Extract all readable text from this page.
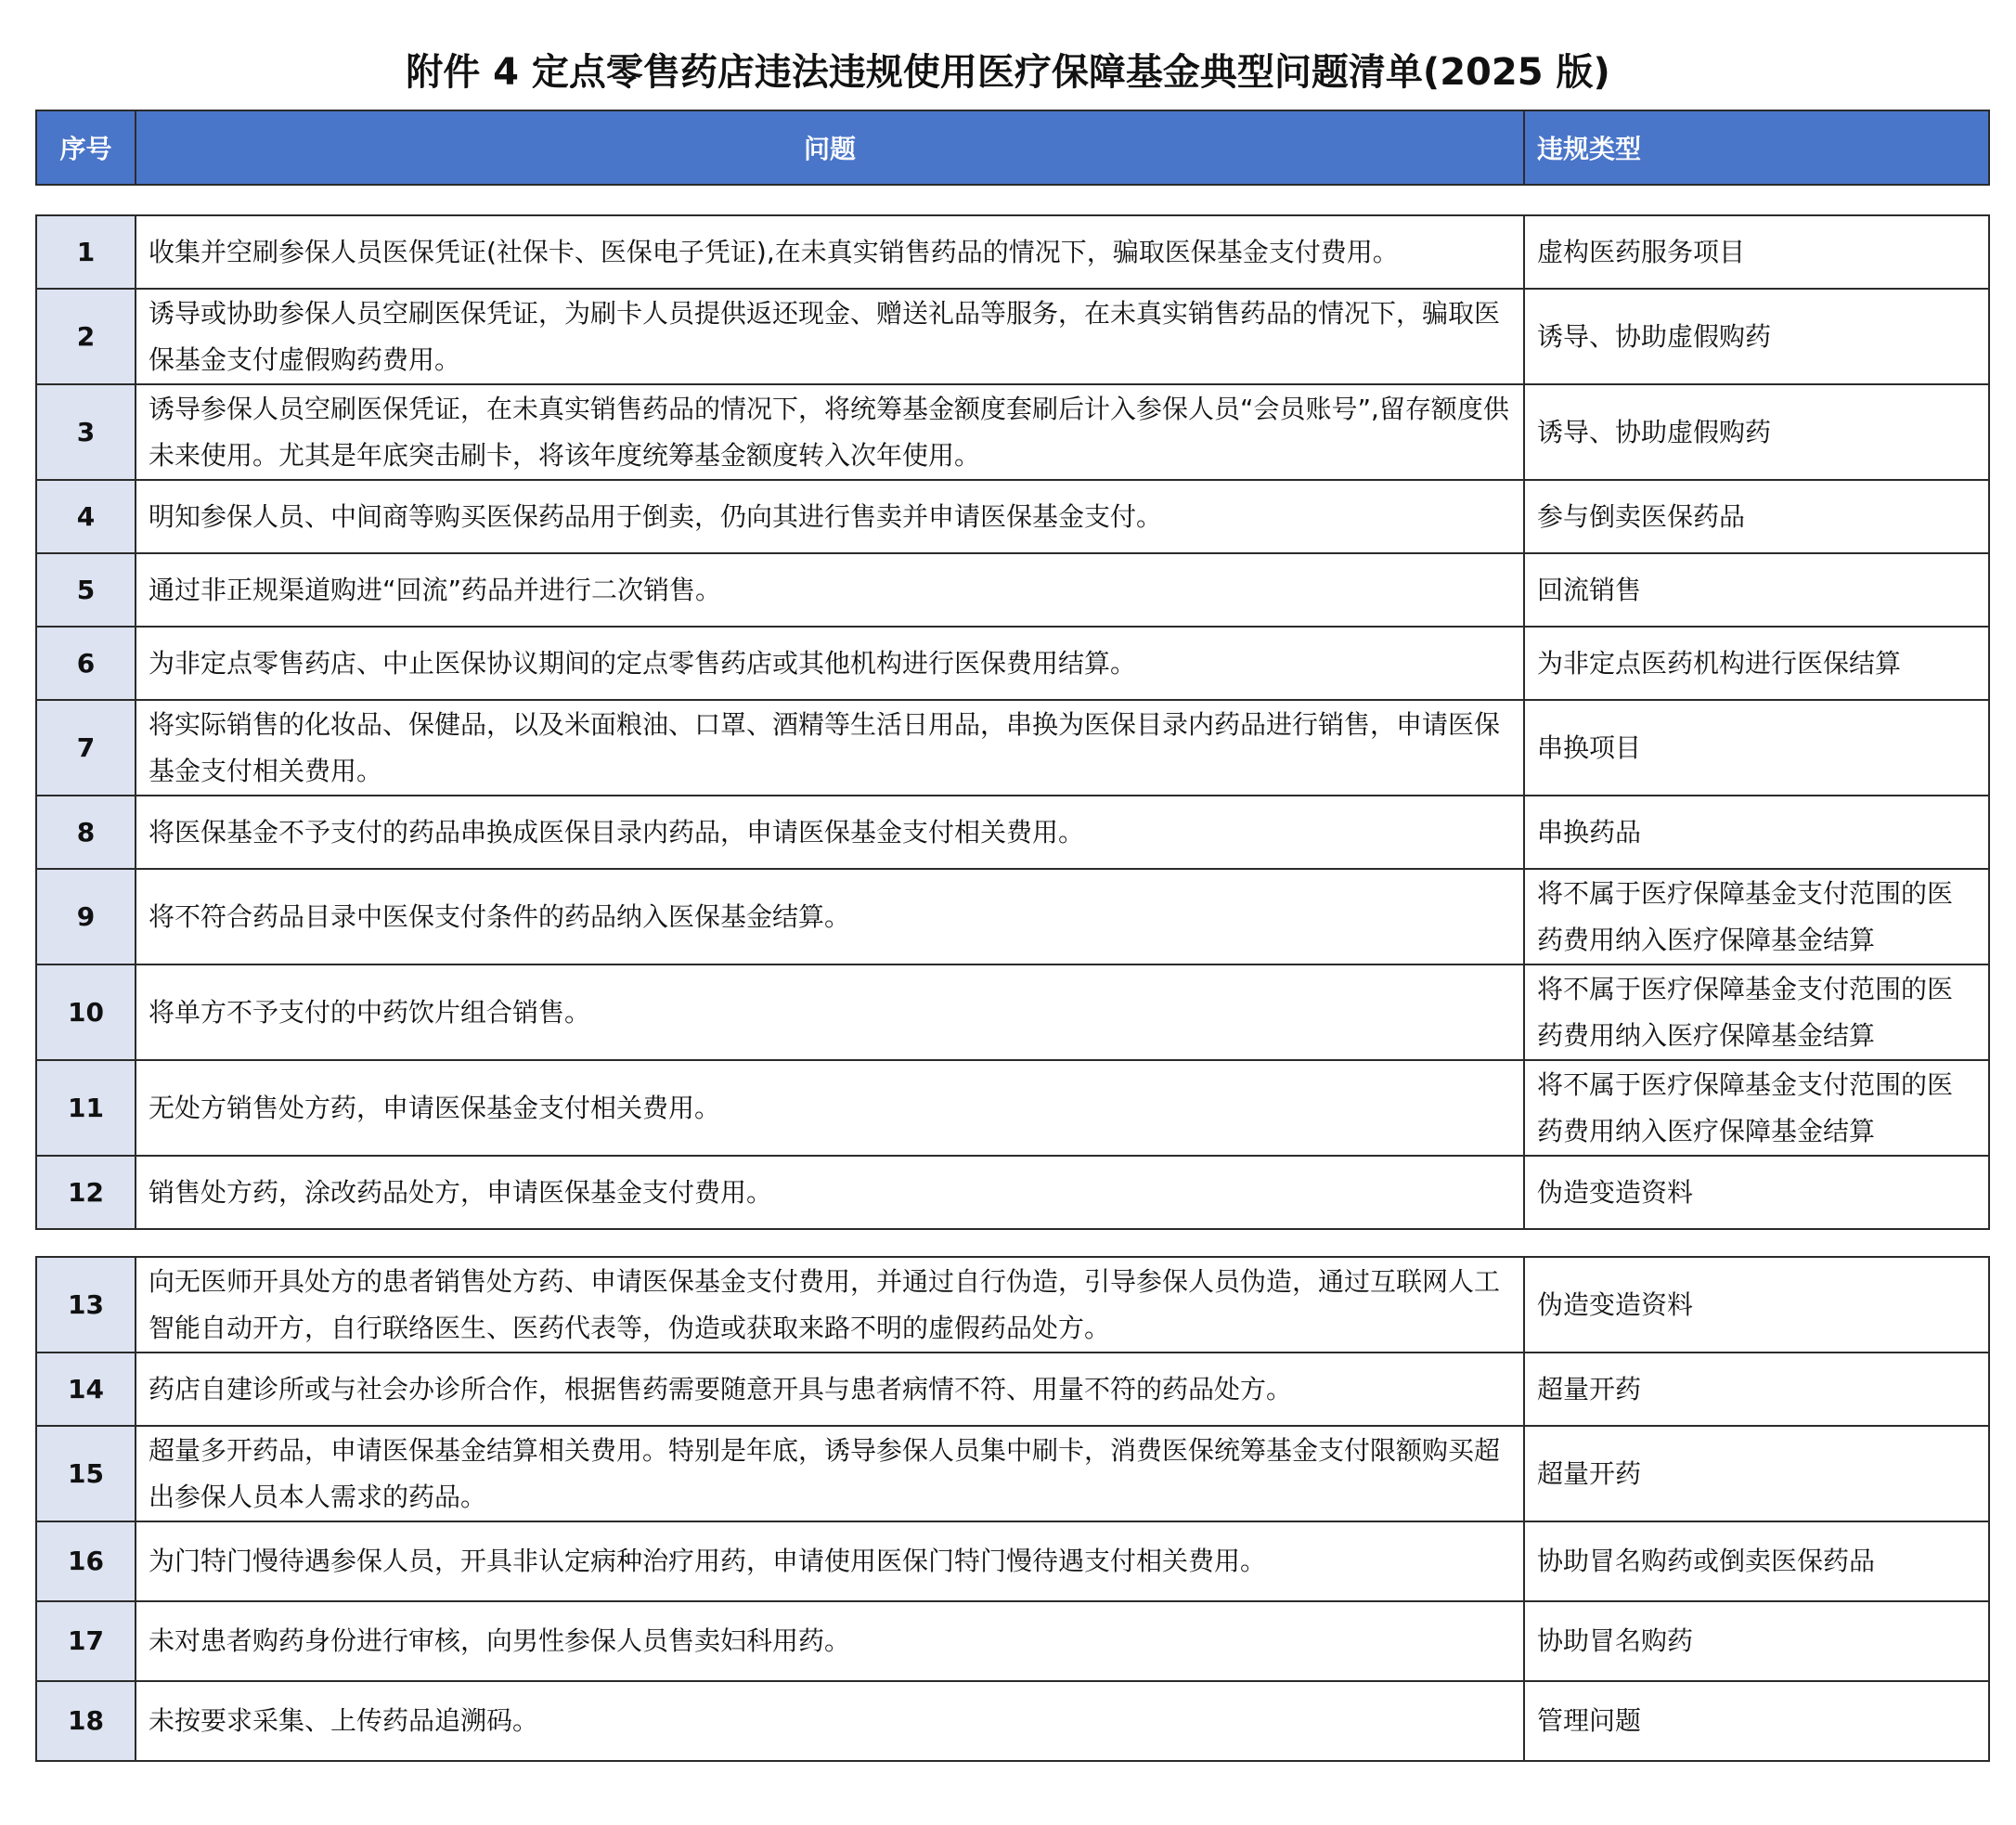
附件 4 定点零售药店违法违规使用医疗保障基金典型问题清单(2025 版)
序号	问题	违规类型
1	收集并空刷参保人员医保凭证(社保卡、医保电子凭证),在未真实销售药品的情况下，骗取医保基金支付费用。	虚构医药服务项目
2	诱导或协助参保人员空刷医保凭证，为刷卡人员提供返还现金、赠送礼品等服务，在未真实销售药品的情况下，骗取医保基金支付虚假购药费用。	诱导、协助虚假购药
3	诱导参保人员空刷医保凭证，在未真实销售药品的情况下，将统筹基金额度套刷后计入参保人员“会员账号”,留存额度供未来使用。尤其是年底突击刷卡，将该年度统筹基金额度转入次年使用。	诱导、协助虚假购药
4	明知参保人员、中间商等购买医保药品用于倒卖，仍向其进行售卖并申请医保基金支付。	参与倒卖医保药品
5	通过非正规渠道购进“回流”药品并进行二次销售。	回流销售
6	为非定点零售药店、中止医保协议期间的定点零售药店或其他机构进行医保费用结算。	为非定点医药机构进行医保结算
7	将实际销售的化妆品、保健品，以及米面粮油、口罩、酒精等生活日用品，串换为医保目录内药品进行销售，申请医保基金支付相关费用。	串换项目
8	将医保基金不予支付的药品串换成医保目录内药品，申请医保基金支付相关费用。	串换药品
9	将不符合药品目录中医保支付条件的药品纳入医保基金结算。	将不属于医疗保障基金支付范围的医药费用纳入医疗保障基金结算
10	将单方不予支付的中药饮片组合销售。	将不属于医疗保障基金支付范围的医药费用纳入医疗保障基金结算
11	无处方销售处方药，申请医保基金支付相关费用。	将不属于医疗保障基金支付范围的医药费用纳入医疗保障基金结算
12	销售处方药，涂改药品处方，申请医保基金支付费用。	伪造变造资料
13	向无医师开具处方的患者销售处方药、申请医保基金支付费用，并通过自行伪造，引导参保人员伪造，通过互联网人工智能自动开方，自行联络医生、医药代表等，伪造或获取来路不明的虚假药品处方。	伪造变造资料
14	药店自建诊所或与社会办诊所合作，根据售药需要随意开具与患者病情不符、用量不符的药品处方。	超量开药
15	超量多开药品，申请医保基金结算相关费用。特别是年底，诱导参保人员集中刷卡，消费医保统筹基金支付限额购买超出参保人员本人需求的药品。	超量开药
16	为门特门慢待遇参保人员，开具非认定病种治疗用药，申请使用医保门特门慢待遇支付相关费用。	协助冒名购药或倒卖医保药品
17	未对患者购药身份进行审核，向男性参保人员售卖妇科用药。	协助冒名购药
18	未按要求采集、上传药品追溯码。	管理问题
